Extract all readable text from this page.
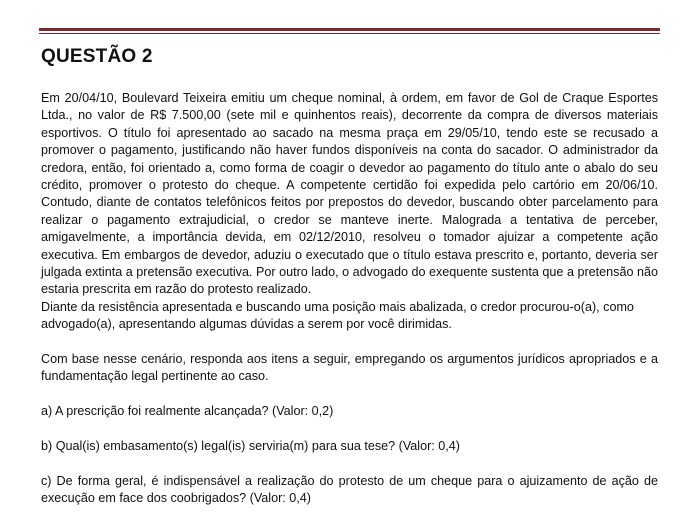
QUESTÃO 2

Em 20/04/10, Boulevard Teixeira emitiu um cheque nominal, à ordem, em favor de Gol de Craque Esportes Ltda., no valor de R$ 7.500,00 (sete mil e quinhentos reais), decorrente da compra de diversos materiais esportivos. O título foi apresentado ao sacado na mesma praça em 29/05/10, tendo este se recusado a promover o pagamento, justificando não haver fundos disponíveis na conta do sacador. O administrador da credora, então, foi orientado a, como forma de coagir o devedor ao pagamento do título ante o abalo do seu crédito, promover o protesto do cheque. A competente certidão foi expedida pelo cartório em 20/06/10. Contudo, diante de contatos telefônicos feitos por prepostos do devedor, buscando obter parcelamento para realizar o pagamento extrajudicial, o credor se manteve inerte. Malograda a tentativa de perceber, amigavelmente, a importância devida, em 02/12/2010, resolveu o tomador ajuizar a competente ação executiva. Em embargos de devedor, aduziu o executado que o título estava prescrito e, portanto, deveria ser julgada extinta a pretensão executiva. Por outro lado, o advogado do exequente sustenta que a pretensão não estaria prescrita em razão do protesto realizado.

Diante da resistência apresentada e buscando uma posição mais abalizada, o credor procurou-o(a), como advogado(a), apresentando algumas dúvidas a serem por você dirimidas.

Com base nesse cenário, responda aos itens a seguir, empregando os argumentos jurídicos apropriados e a fundamentação legal pertinente ao caso.

a) A prescrição foi realmente alcançada? (Valor: 0,2)

b) Qual(is) embasamento(s) legal(is) serviria(m) para sua tese? (Valor: 0,4)

c) De forma geral, é indispensável a realização do protesto de um cheque para o ajuizamento de ação de execução em face dos coobrigados? (Valor: 0,4)
